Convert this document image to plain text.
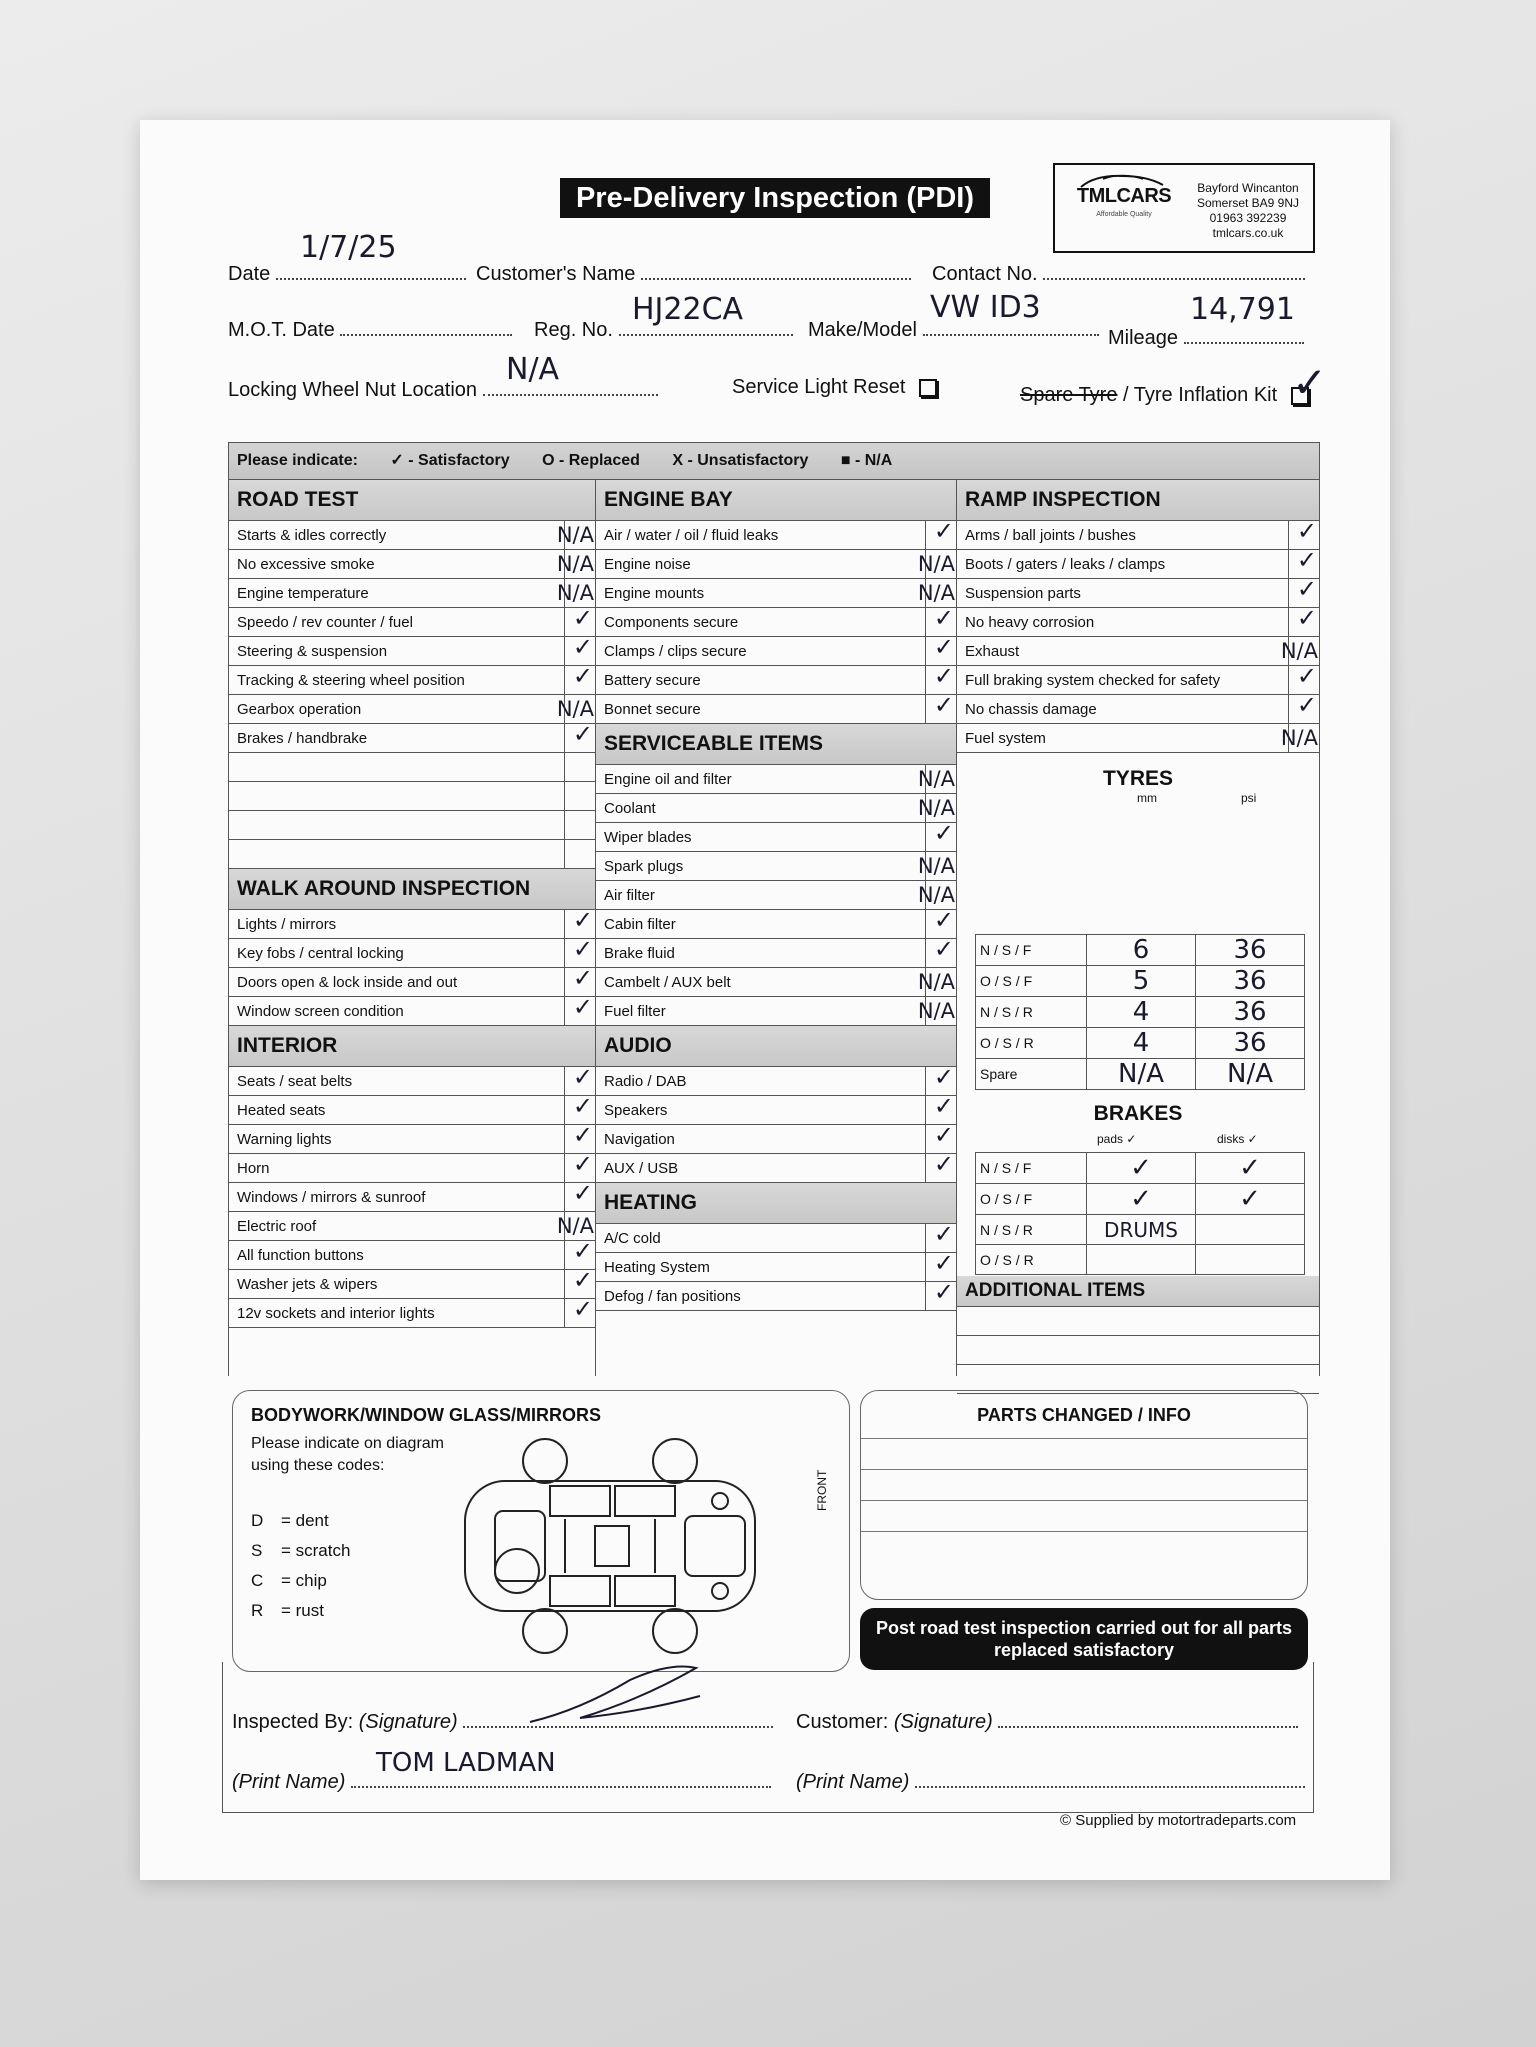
Pre-Delivery Inspection (PDI)	TMLCARS
Affordable Quality
Bayford Wincanton
Somerset BA9 9NJ
01963 392239
tmlcars.co.uk
Date
1/7/25
Customer's Name	Contact No.
M.O.T. Date	Reg. No.
HJ22CA
Make/Model
VW ID3
Mileage
14,791
Locking Wheel Nut Location
N/A	Service Light Reset	Spare Tyre / Tyre Inflation Kit ✓
Please indicate: ✓ - Satisfactory O - Replaced X - Unsatisfactory ■ - N/A
ROAD TEST
Starts & idles correctly	N/A
No excessive smoke	N/A
Engine temperature	N/A
Speedo / rev counter / fuel	✓
Steering & suspension	✓
Tracking & steering wheel position	✓
Gearbox operation	N/A
Brakes / handbrake	✓
WALK AROUND INSPECTION
Lights / mirrors	✓
Key fobs / central locking	✓
Doors open & lock inside and out	✓
Window screen condition	✓
INTERIOR
Seats / seat belts	✓
Heated seats	✓
Warning lights	✓
Horn	✓
Windows / mirrors & sunroof	✓
Electric roof	N/A
All function buttons	✓
Washer jets & wipers	✓
12v sockets and interior lights	✓
ENGINE BAY
Air / water / oil / fluid leaks	✓
Engine noise	N/A
Engine mounts	N/A
Components secure	✓
Clamps / clips secure	✓
Battery secure	✓
Bonnet secure	✓
SERVICEABLE ITEMS
Engine oil and filter	N/A
Coolant	N/A
Wiper blades	✓
Spark plugs	N/A
Air filter	N/A
Cabin filter	✓
Brake fluid	✓
Cambelt / AUX belt	N/A
Fuel filter	N/A
AUDIO
Radio / DAB	✓
Speakers	✓
Navigation	✓
AUX / USB	✓
HEATING
A/C cold	✓
Heating System	✓
Defog / fan positions	✓
RAMP INSPECTION
Arms / ball joints / bushes	✓
Boots / gaters / leaks / clamps	✓
Suspension parts	✓
No heavy corrosion	✓
Exhaust	N/A
Full braking system checked for safety	✓
No chassis damage	✓
Fuel system	N/A
TYRES
mm	psi
N / S / F	6	36
O / S / F	5	36
N / S / R	4	36
O / S / R	4	36
Spare	N/A	N/A
BRAKES
pads ✓	disks ✓
N / S / F	✓	✓
O / S / F	✓	✓
N / S / R	DRUMS	
O / S / R		
ADDITIONAL ITEMS
BODYWORK/WINDOW GLASS/MIRRORS
Please indicate on diagram using these codes:
D = dent
S = scratch
C = chip
R = rust
FRONT
PARTS CHANGED / INFO
Post road test inspection carried out for all parts replaced satisfactory
Inspected By: (Signature)	Customer: (Signature)
(Print Name)
TOM LADMAN
(Print Name)
© Supplied by motortradeparts.com
